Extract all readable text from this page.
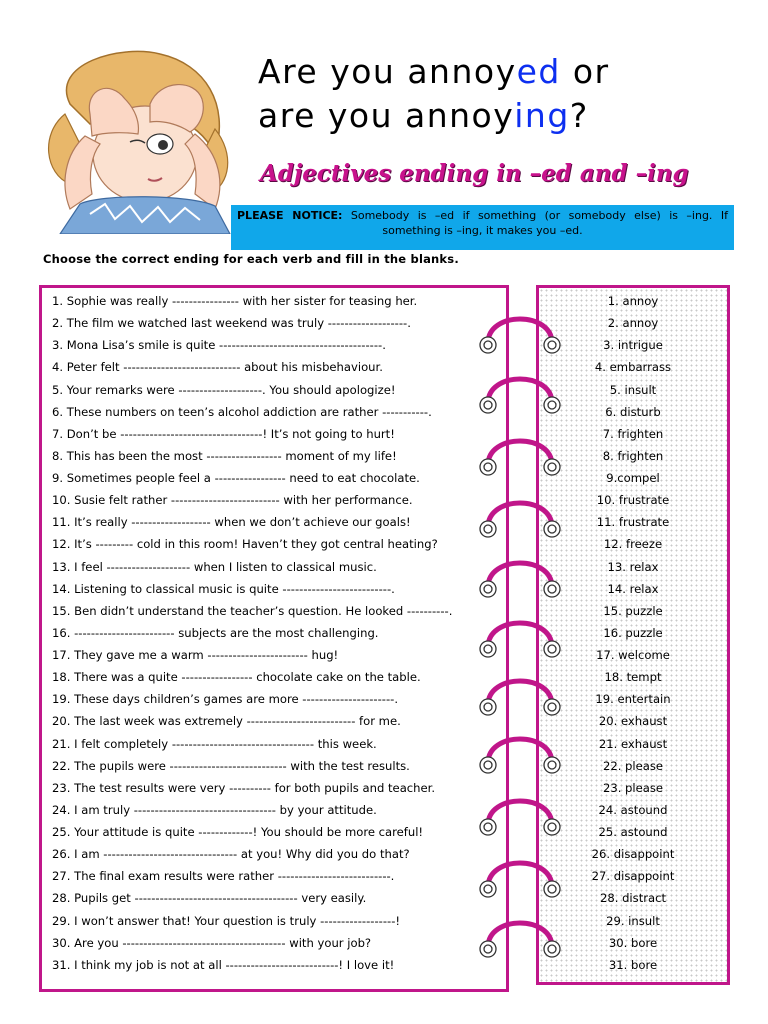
Are you annoyed or
are you annoying?
Adjectives ending in –ed and –ing
PLEASE NOTICE: Somebody is –ed if something (or somebody else) is –ing. If
something is –ing, it makes you –ed.
Choose the correct ending for each verb and fill in the blanks.
1. Sophie was really ---------------- with her sister for teasing her.
2. The film we watched last weekend was truly -------------------.
3. Mona Lisa’s smile is quite ---------------------------------------.
4. Peter felt ---------------------------- about his misbehaviour.
5. Your remarks were --------------------. You should apologize!
6. These numbers on teen’s alcohol addiction are rather -----------.
7. Don’t be ----------------------------------! It’s not going to hurt!
8. This has been the most ------------------ moment of my life!
9. Sometimes people feel a ----------------- need to eat chocolate.
10. Susie felt rather -------------------------- with her performance.
11. It’s really ------------------- when we don’t achieve our goals!
12. It’s --------- cold in this room! Haven’t they got central heating?
13. I feel -------------------- when I listen to classical music.
14. Listening to classical music is quite --------------------------.
15. Ben didn’t understand the teacher’s question. He looked ----------.
16. ------------------------ subjects are the most challenging.
17. They gave me a warm ------------------------ hug!
18. There was a quite ----------------- chocolate cake on the table.
19. These days children’s games are more ----------------------.
20. The last week was extremely -------------------------- for me.
21. I felt completely ---------------------------------- this week.
22. The pupils were ---------------------------- with the test results.
23. The test results were very ---------- for both pupils and teacher.
24. I am truly ---------------------------------- by your attitude.
25. Your attitude is quite -------------! You should be more careful!
26. I am -------------------------------- at you! Why did you do that?
27. The final exam results were rather ---------------------------.
28. Pupils get --------------------------------------- very easily.
29. I won’t answer that! Your question is truly ------------------!
30. Are you --------------------------------------- with your job?
31. I think my job is not at all ---------------------------! I love it!
1. annoy
2. annoy
3. intrigue
4. embarrass
5. insult
6. disturb
7. frighten
8. frighten
9.compel
10. frustrate
11. frustrate
12. freeze
13. relax
14. relax
15. puzzle
16. puzzle
17. welcome
18. tempt
19. entertain
20. exhaust
21. exhaust
22. please
23. please
24. astound
25. astound
26. disappoint
27. disappoint
28. distract
29. insult
30. bore
31. bore
